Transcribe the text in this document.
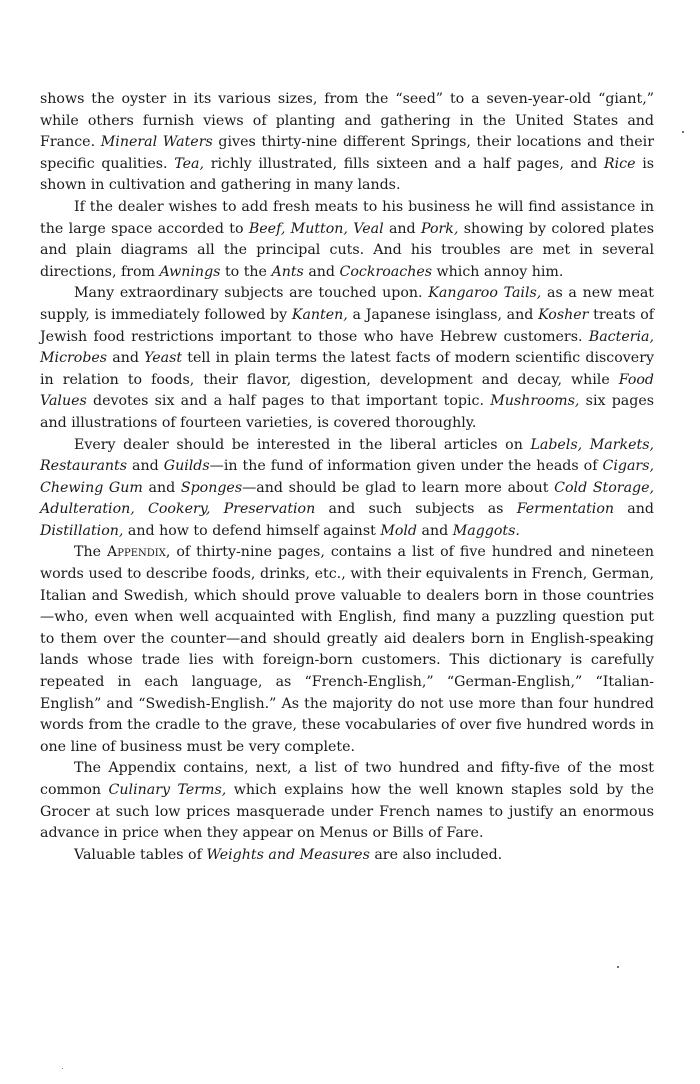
shows the oyster in its various sizes, from the “seed” to a seven-year-old “giant,” while others furnish views of planting and gathering in the United States and France. Mineral Waters gives thirty-nine different Springs, their locations and their specific qualities. Tea, richly illustrated, fills sixteen and a half pages, and Rice is shown in cultivation and gathering in many lands.

If the dealer wishes to add fresh meats to his business he will find assistance in the large space accorded to Beef, Mutton, Veal and Pork, showing by colored plates and plain diagrams all the principal cuts. And his troubles are met in several directions, from Awnings to the Ants and Cockroaches which annoy him.

Many extraordinary subjects are touched upon. Kangaroo Tails, as a new meat supply, is immediately followed by Kanten, a Japanese isinglass, and Kosher treats of Jewish food restrictions important to those who have Hebrew customers. Bacteria, Microbes and Yeast tell in plain terms the latest facts of modern scientific discovery in relation to foods, their flavor, digestion, development and decay, while Food Values devotes six and a half pages to that important topic. Mushrooms, six pages and illustrations of fourteen varieties, is covered thoroughly.

Every dealer should be interested in the liberal articles on Labels, Markets, Restaurants and Guilds—in the fund of information given under the heads of Cigars, Chewing Gum and Sponges—and should be glad to learn more about Cold Storage, Adulteration, Cookery, Preservation and such subjects as Fermentation and Distillation, and how to defend himself against Mold and Maggots.

The Appendix, of thirty-nine pages, contains a list of five hundred and nineteen words used to describe foods, drinks, etc., with their equivalents in French, German, Italian and Swedish, which should prove valuable to dealers born in those countries—who, even when well acquainted with English, find many a puzzling question put to them over the counter—and should greatly aid dealers born in English-speaking lands whose trade lies with foreign-born customers. This dictionary is carefully repeated in each language, as “French-English,” “German-English,” “Italian-English” and “Swedish-English.” As the majority do not use more than four hundred words from the cradle to the grave, these vocabularies of over five hundred words in one line of business must be very complete.

The Appendix contains, next, a list of two hundred and fifty-five of the most common Culinary Terms, which explains how the well known staples sold by the Grocer at such low prices masquerade under French names to justify an enormous advance in price when they appear on Menus or Bills of Fare.

Valuable tables of Weights and Measures are also included.
